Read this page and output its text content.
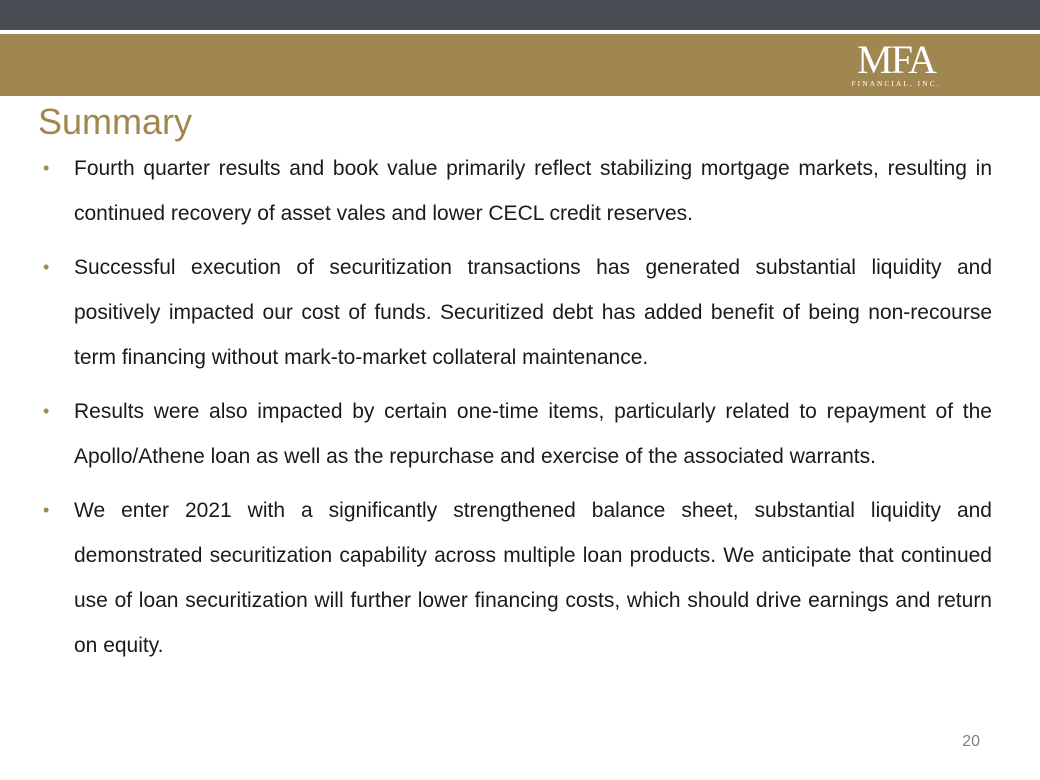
MFA
FINANCIAL, INC.
Summary
• Fourth quarter results and book value primarily reflect stabilizing mortgage markets, resulting in continued recovery of asset vales and lower CECL credit reserves.
• Successful execution of securitization transactions has generated substantial liquidity and positively impacted our cost of funds. Securitized debt has added benefit of being non-recourse term financing without mark-to-market collateral maintenance.
• Results were also impacted by certain one-time items, particularly related to repayment of the Apollo/Athene loan as well as the repurchase and exercise of the associated warrants.
• We enter 2021 with a significantly strengthened balance sheet, substantial liquidity and demonstrated securitization capability across multiple loan products. We anticipate that continued use of loan securitization will further lower financing costs, which should drive earnings and return on equity.
20
